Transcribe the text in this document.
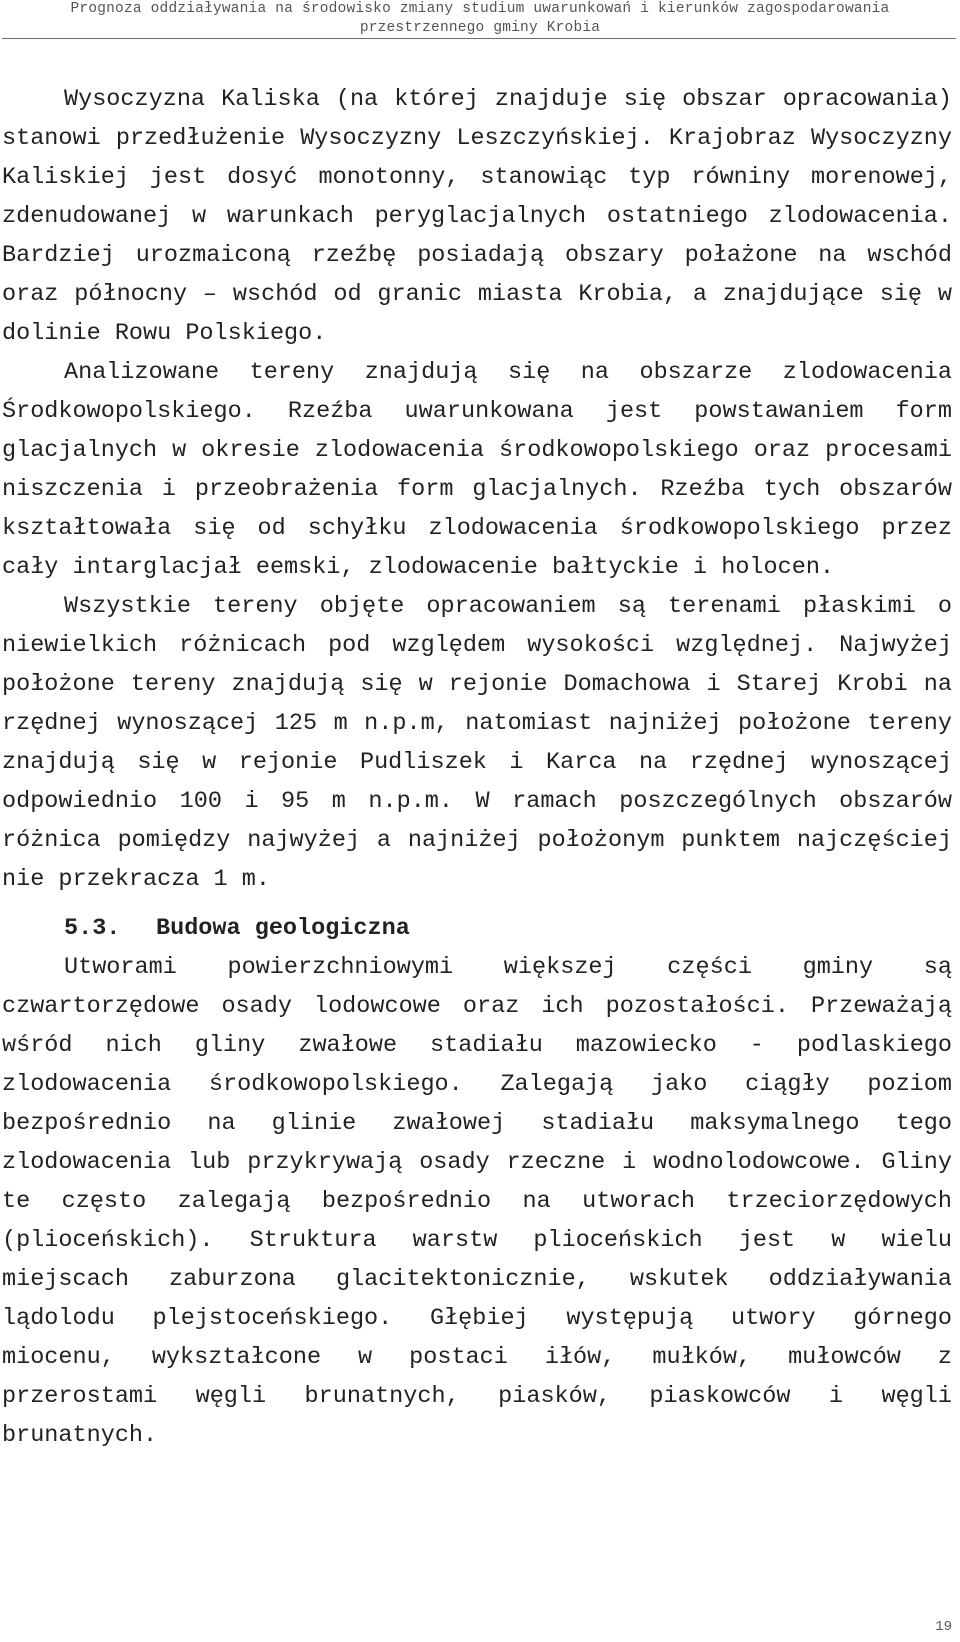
Prognoza oddziaływania na środowisko zmiany studium uwarunkowań i kierunków zagospodarowania
przestrzennego gminy Krobia

Wysoczyzna Kaliska (na której znajduje się obszar opracowania) stanowi przedłużenie Wysoczyzny Leszczyńskiej. Krajobraz Wysoczyzny Kaliskiej jest dosyć monotonny, stanowiąc typ równiny morenowej, zdenudowanej w warunkach peryglacjalnych ostatniego zlodowacenia. Bardziej urozmaiconą rzeźbę posiadają obszary połażone na wschód oraz północny – wschód od granic miasta Krobia, a znajdujące się w dolinie Rowu Polskiego.

Analizowane tereny znajdują się na obszarze zlodowacenia Środkowopolskiego. Rzeźba uwarunkowana jest powstawaniem form glacjalnych w okresie zlodowacenia środkowopolskiego oraz procesami niszczenia i przeobrażenia form glacjalnych. Rzeźba tych obszarów kształtowała się od schyłku zlodowacenia środkowopolskiego przez cały intarglacjał eemski, zlodowacenie bałtyckie i holocen.

Wszystkie tereny objęte opracowaniem są terenami płaskimi o niewielkich różnicach pod względem wysokości względnej. Najwyżej położone tereny znajdują się w rejonie Domachowa i Starej Krobi na rzędnej wynoszącej 125 m n.p.m, natomiast najniżej położone tereny znajdują się w rejonie Pudliszek i Karca na rzędnej wynoszącej odpowiednio 100 i 95 m n.p.m. W ramach poszczególnych obszarów różnica pomiędzy najwyżej a najniżej położonym punktem najczęściej nie przekracza 1 m.

5.3. Budowa geologiczna

Utworami powierzchniowymi większej części gminy są czwartorzędowe osady lodowcowe oraz ich pozostałości. Przeważają wśród nich gliny zwałowe stadiału mazowiecko - podlaskiego zlodowacenia środkowopolskiego. Zalegają jako ciągły poziom bezpośrednio na glinie zwałowej stadiału maksymalnego tego zlodowacenia lub przykrywają osady rzeczne i wodnolodowcowe. Gliny te często zalegają bezpośrednio na utworach trzeciorzędowych (plioceńskich). Struktura warstw plioceńskich jest w wielu miejscach zaburzona glacitektonicznie, wskutek oddziaływania lądolodu plejstoceńskiego. Głębiej występują utwory górnego miocenu, wykształcone w postaci iłów, mułków, mułowców z przerostami węgli brunatnych, piasków, piaskowców i węgli brunatnych.

19
